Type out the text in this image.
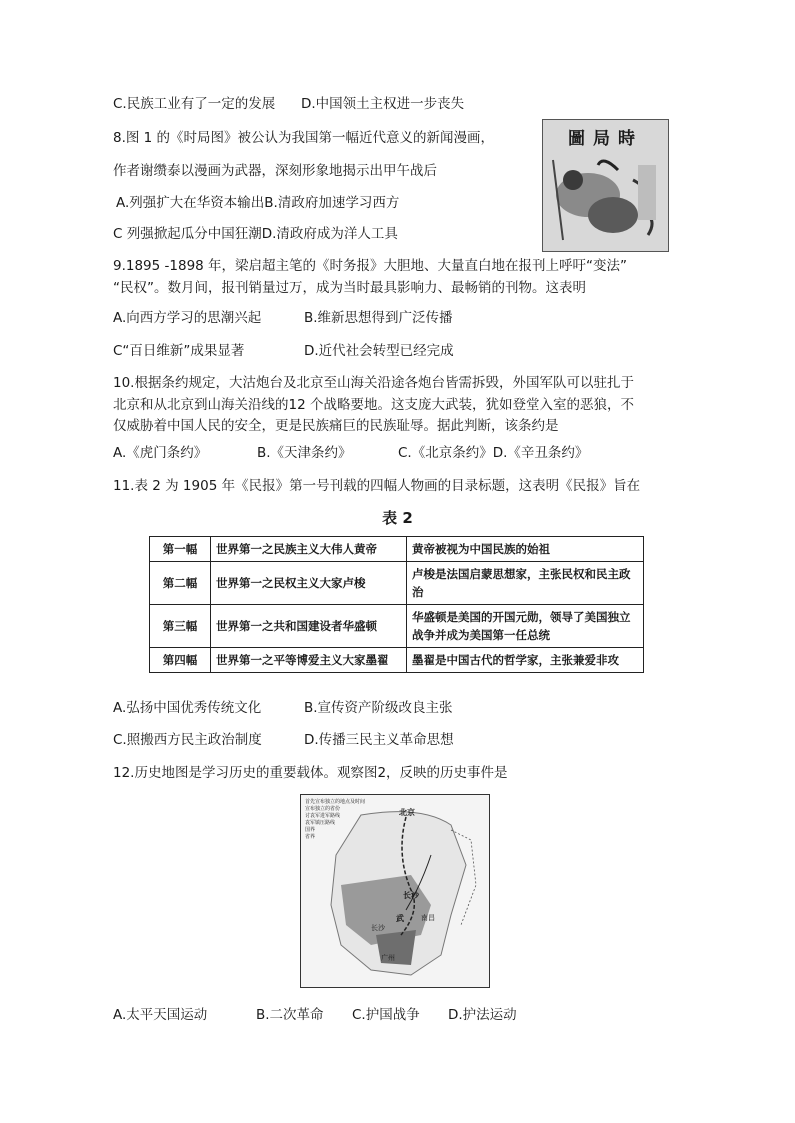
C.民族工业有了一定的发展 D.中国领土主权进一步丧失
8.图 1 的《时局图》被公认为我国第一幅近代意义的新闻漫画，
作者谢缵泰以漫画为武器，深刻形象地揭示出甲午战后
A.列强扩大在华资本输出B.清政府加速学习西方
C 列强掀起瓜分中国狂潮D.清政府成为洋人工具
圖局時
9.1895 -1898 年，梁启超主笔的《时务报》大胆地、大量直白地在报刊上呼吁“变法”
“民权”。数月间，报刊销量过万，成为当时最具影响力、最畅销的刊物。这表明
A.向西方学习的思潮兴起	B.维新思想得到广泛传播
C“百日维新”成果显著	D.近代社会转型已经完成
10.根据条约规定，大沽炮台及北京至山海关沿途各炮台皆需拆毁，外国军队可以驻扎于
北京和从北京到山海关沿线的12 个战略要地。这支庞大武装，犹如登堂入室的恶狼，不
仅威胁着中国人民的安全，更是民族痛巨的民族耻辱。据此判断，该条约是
A.《虎门条约》	B.《天津条约》	C.《北京条约》D.《辛丑条约》
11.表 2 为 1905 年《民报》第一号刊载的四幅人物画的目录标题，这表明《民报》旨在
表 2
第一幅	世界第一之民族主义大伟人黄帝	黄帝被视为中国民族的始祖
第二幅	世界第一之民权主义大家卢梭	卢梭是法国启蒙思想家，主张民权和民主政治
第三幅	世界第一之共和国建设者华盛顿	华盛顿是美国的开国元勋，领导了美国独立战争并成为美国第一任总统
第四幅	世界第一之平等博爱主义大家墨翟	墨翟是中国古代的哲学家，主张兼爱非攻
A.弘扬中国优秀传统文化	B.宣传资产阶级改良主张
C.照搬西方民主政治制度	D.传播三民主义革命思想
12.历史地图是学习历史的重要载体。观察图2，反映的历史事件是
首先宣布独立的地点及时间
宣布独立的省份
讨袁军进军路线
袁军镇压路线
国界
省界
北京
武
长沙
南昌
长沙
广州
A.太平天国运动	B.二次革命 C.护国战争 D.护法运动
